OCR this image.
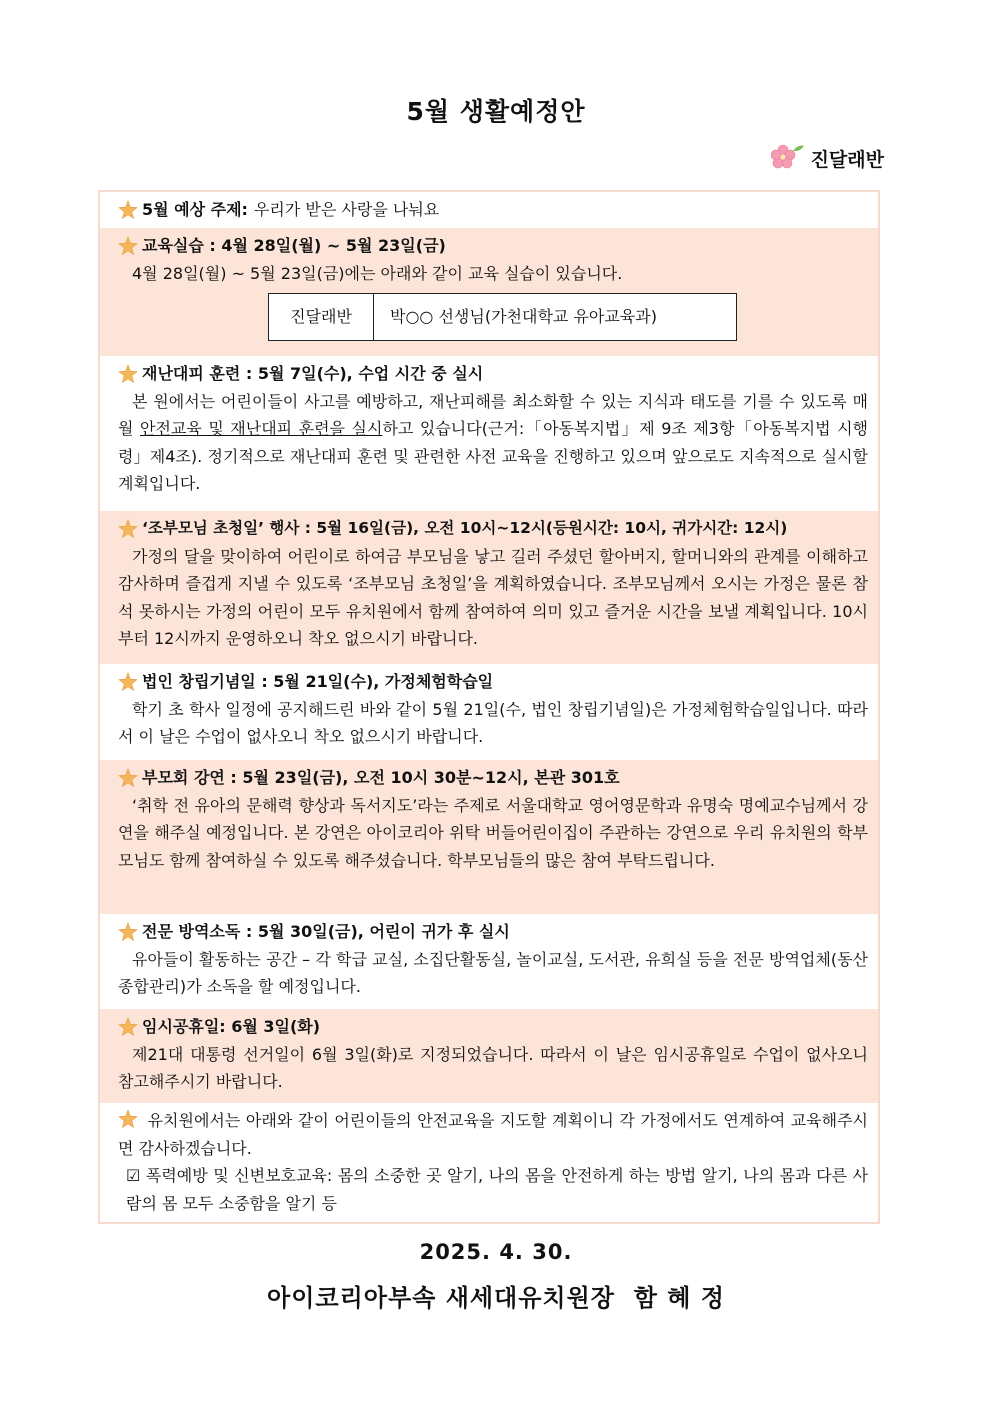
5월 생활예정안
진달래반
5월 예상 주제: 우리가 받은 사랑을 나눠요
교육실습 : 4월 28일(월) ~ 5월 23일(금)
4월 28일(월) ~ 5월 23일(금)에는 아래와 같이 교육 실습이 있습니다.
진달래반	박○○ 선생님(가천대학교 유아교육과)
재난대피 훈련 : 5월 7일(수), 수업 시간 중 실시
본 원에서는 어린이들이 사고를 예방하고, 재난피해를 최소화할 수 있는 지식과 태도를 기를 수 있도록 매월 안전교육 및 재난대피 훈련을 실시하고 있습니다(근거:「아동복지법」제 9조 제3항「아동복지법 시행령」제4조). 정기적으로 재난대피 훈련 및 관련한 사전 교육을 진행하고 있으며 앞으로도 지속적으로 실시할 계획입니다.
‘조부모님 초청일’ 행사 : 5월 16일(금), 오전 10시~12시(등원시간: 10시, 귀가시간: 12시)
가정의 달을 맞이하여 어린이로 하여금 부모님을 낳고 길러 주셨던 할아버지, 할머니와의 관계를 이해하고 감사하며 즐겁게 지낼 수 있도록 ‘조부모님 초청일’을 계획하였습니다. 조부모님께서 오시는 가정은 물론 참석 못하시는 가정의 어린이 모두 유치원에서 함께 참여하여 의미 있고 즐거운 시간을 보낼 계획입니다. 10시부터 12시까지 운영하오니 착오 없으시기 바랍니다.
법인 창립기념일 : 5월 21일(수), 가정체험학습일
학기 초 학사 일정에 공지해드린 바와 같이 5월 21일(수, 법인 창립기념일)은 가정체험학습일입니다. 따라서 이 날은 수업이 없사오니 착오 없으시기 바랍니다.
부모회 강연 : 5월 23일(금), 오전 10시 30분~12시, 본관 301호
‘취학 전 유아의 문해력 향상과 독서지도’라는 주제로 서울대학교 영어영문학과 유명숙 명예교수님께서 강연을 해주실 예정입니다. 본 강연은 아이코리아 위탁 버들어린이집이 주관하는 강연으로 우리 유치원의 학부모님도 함께 참여하실 수 있도록 해주셨습니다. 학부모님들의 많은 참여 부탁드립니다.
전문 방역소독 : 5월 30일(금), 어린이 귀가 후 실시
유아들이 활동하는 공간 – 각 학급 교실, 소집단활동실, 놀이교실, 도서관, 유희실 등을 전문 방역업체(동산종합관리)가 소독을 할 예정입니다.
임시공휴일: 6월 3일(화)
제21대 대통령 선거일이 6월 3일(화)로 지정되었습니다. 따라서 이 날은 임시공휴일로 수업이 없사오니 참고해주시기 바랍니다.
유치원에서는 아래와 같이 어린이들의 안전교육을 지도할 계획이니 각 가정에서도 연계하여 교육해주시면 감사하겠습니다.
☑ 폭력예방 및 신변보호교육: 몸의 소중한 곳 알기, 나의 몸을 안전하게 하는 방법 알기, 나의 몸과 다른 사람의 몸 모두 소중함을 알기 등
2025. 4. 30.
아이코리아부속 새세대유치원장  함 혜 정
